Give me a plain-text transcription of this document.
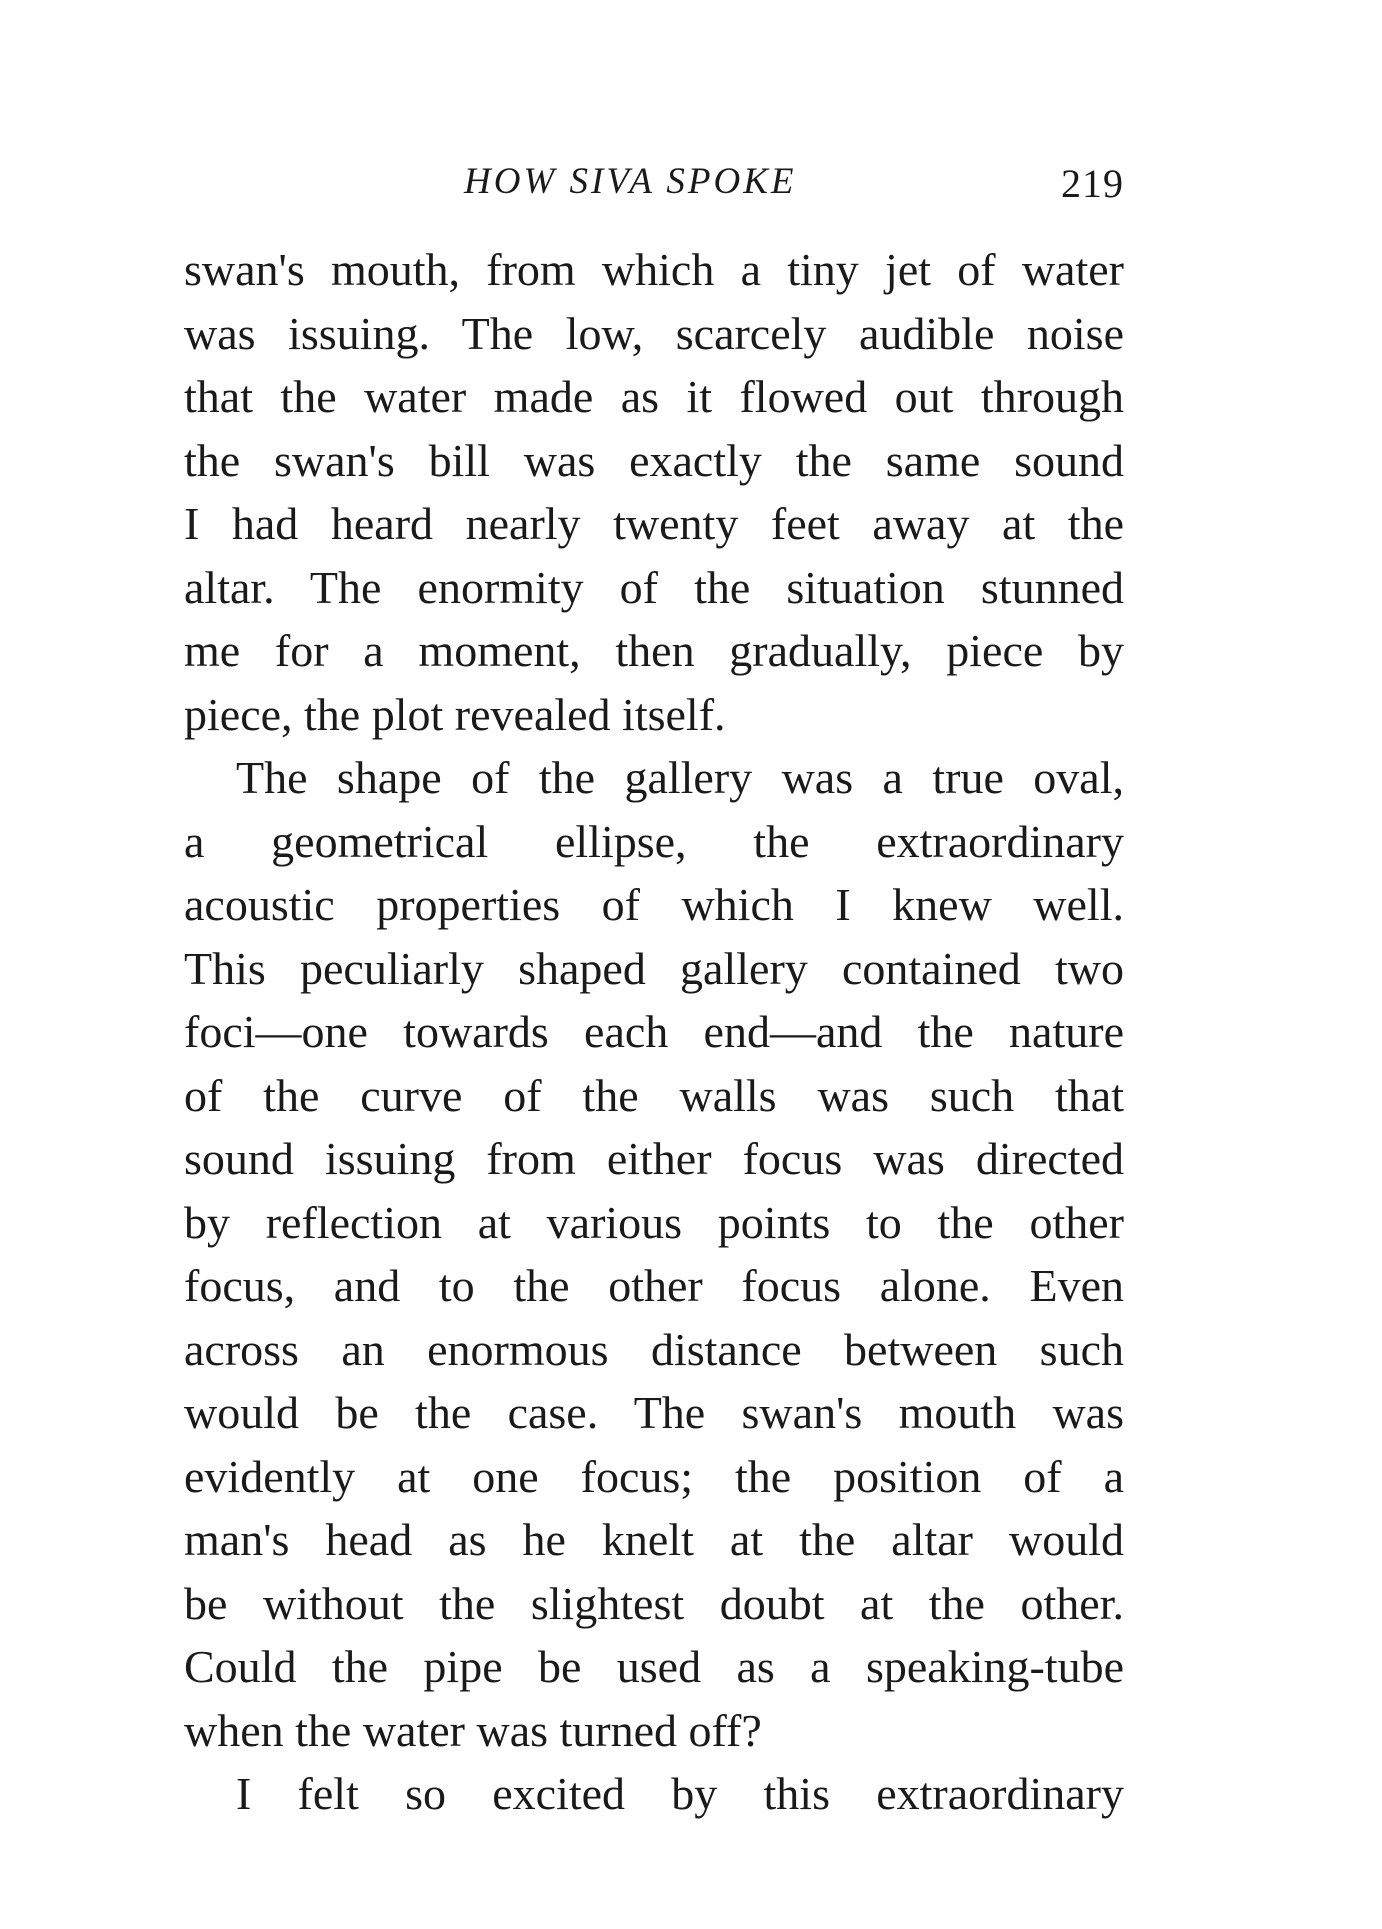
HOW SIVA SPOKE	219
swan's mouth, from which a tiny jet of water
was issuing. The low, scarcely audible noise
that the water made as it flowed out through
the swan's bill was exactly the same sound
I had heard nearly twenty feet away at the
altar. The enormity of the situation stunned
me for a moment, then gradually, piece by
piece, the plot revealed itself.
The shape of the gallery was a true oval,
a geometrical ellipse, the extraordinary
acoustic properties of which I knew well.
This peculiarly shaped gallery contained two
foci—one towards each end—and the nature
of the curve of the walls was such that
sound issuing from either focus was directed
by reflection at various points to the other
focus, and to the other focus alone. Even
across an enormous distance between such
would be the case. The swan's mouth was
evidently at one focus; the position of a
man's head as he knelt at the altar would
be without the slightest doubt at the other.
Could the pipe be used as a speaking-tube
when the water was turned off?
I felt so excited by this extraordinary
